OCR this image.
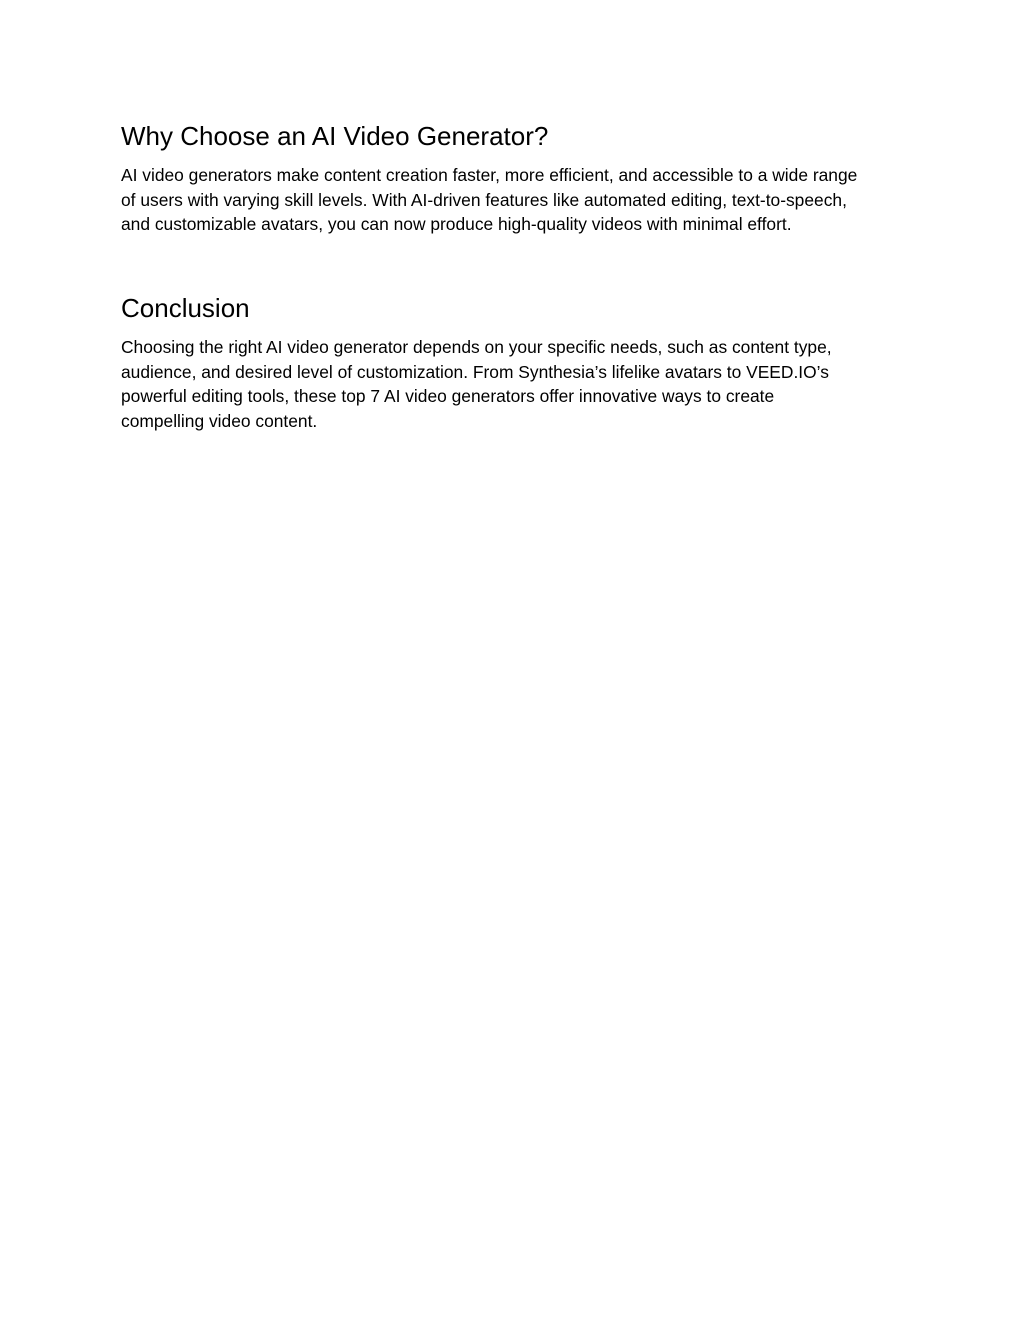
Why Choose an AI Video Generator?

AI video generators make content creation faster, more efficient, and accessible to a wide range
of users with varying skill levels. With AI-driven features like automated editing, text-to-speech,
and customizable avatars, you can now produce high-quality videos with minimal effort.

Conclusion

Choosing the right AI video generator depends on your specific needs, such as content type,
audience, and desired level of customization. From Synthesia’s lifelike avatars to VEED.IO’s
powerful editing tools, these top 7 AI video generators offer innovative ways to create
compelling video content.
